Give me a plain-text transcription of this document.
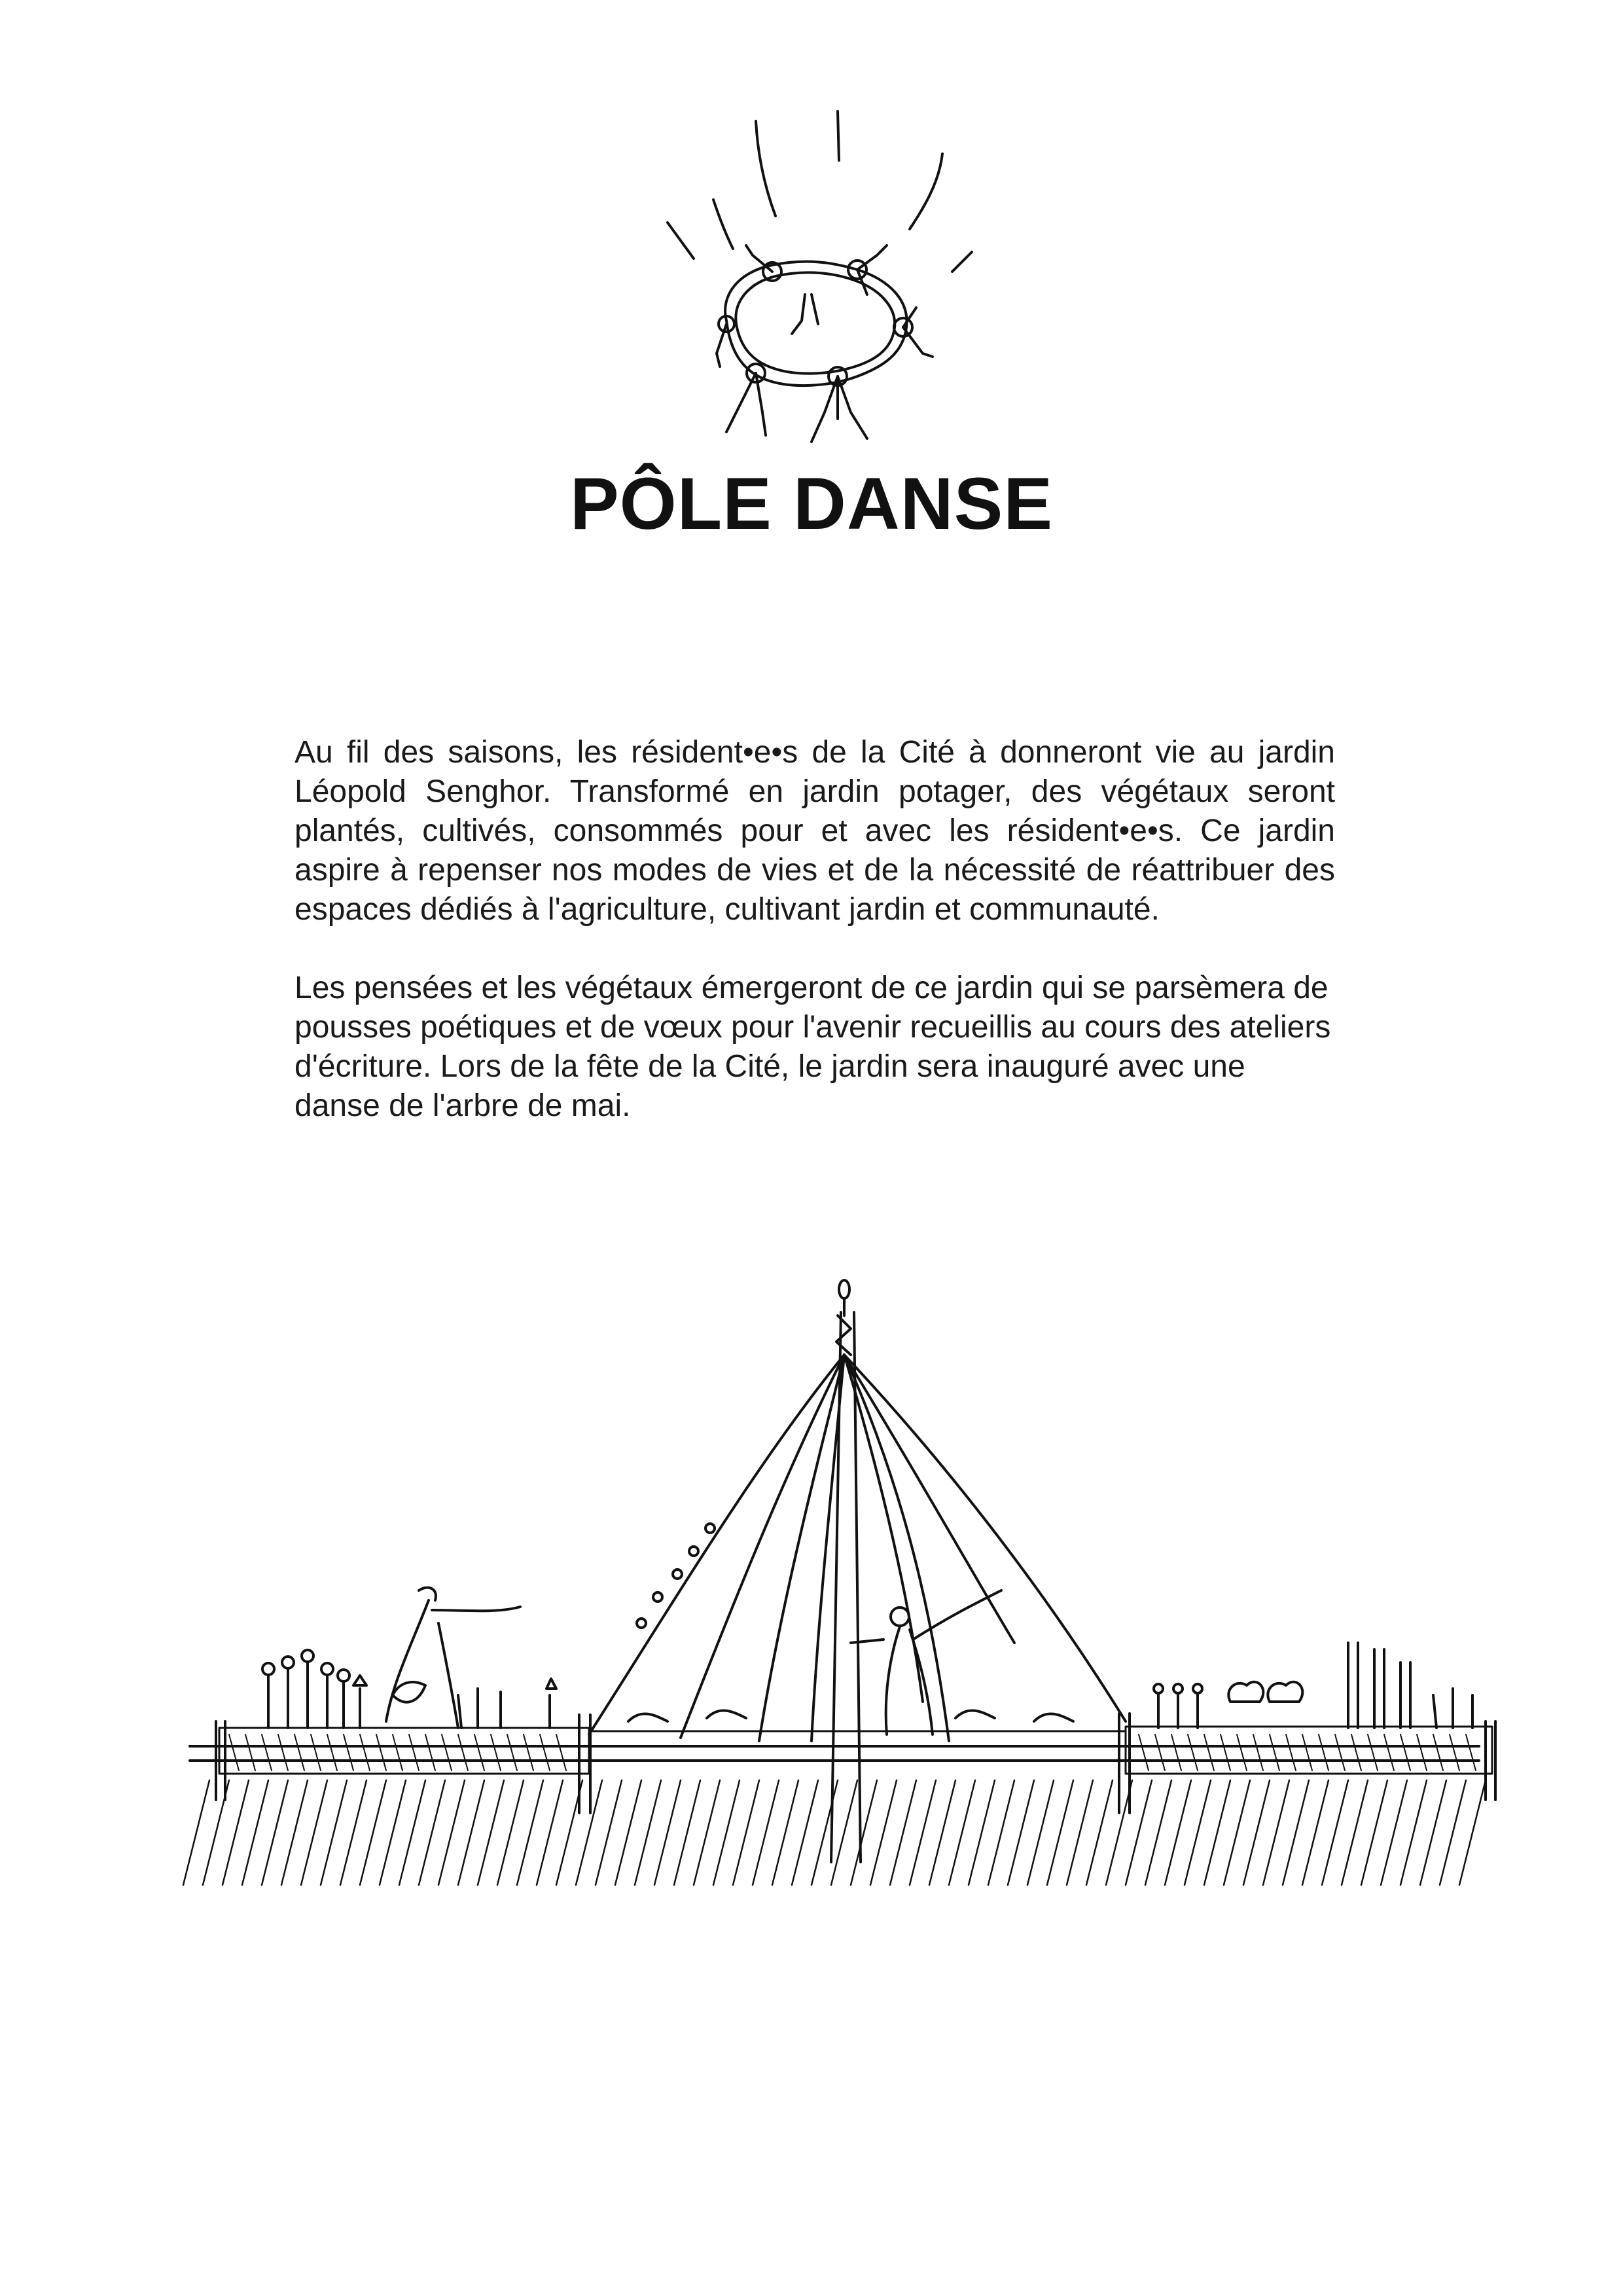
PÔLE DANSE

Au fil des saisons, les résident•e•s de la Cité à donneront vie au jardin Léopold Senghor. Transformé en jardin potager, des végétaux seront plantés, cultivés, consommés pour et avec les résident•e•s. Ce jardin aspire à repenser nos modes de vies et de la nécessité de réattribuer des espaces dédiés à l'agriculture, cultivant jardin et communauté.

Les pensées et les végétaux émergeront de ce jardin qui se parsèmera de pousses poétiques et de vœux pour l'avenir recueillis au cours des ateliers d'écriture. Lors de la fête de la Cité, le jardin sera inauguré avec une danse de l'arbre de mai.
